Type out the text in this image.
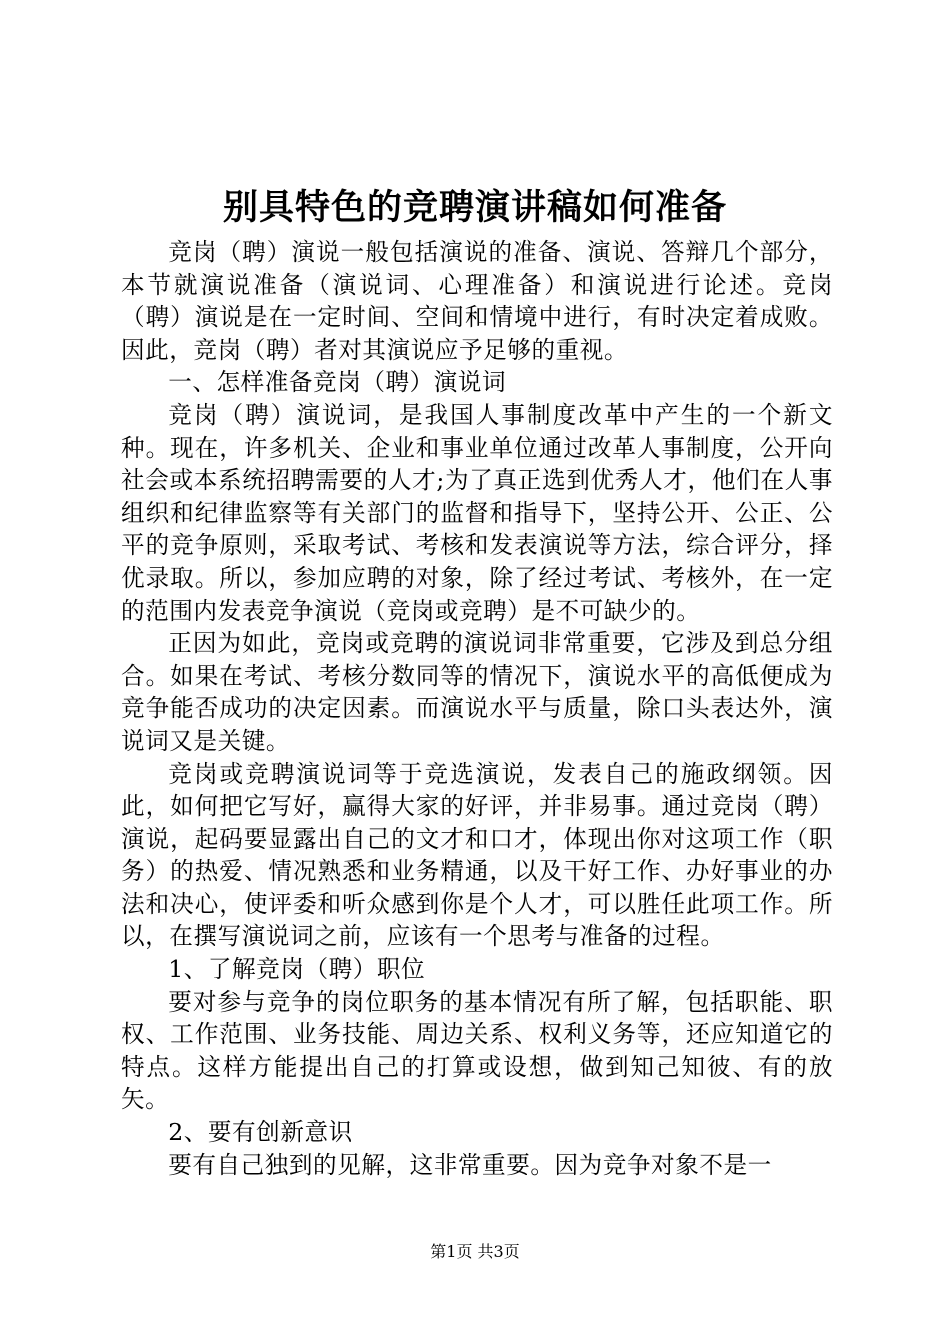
别具特色的竞聘演讲稿如何准备

竞岗（聘）演说一般包括演说的准备、演说、答辩几个部分，本节就演说准备（演说词、心理准备）和演说进行论述。竞岗（聘）演说是在一定时间、空间和情境中进行，有时决定着成败。因此，竞岗（聘）者对其演说应予足够的重视。

一、怎样准备竞岗（聘）演说词

竞岗（聘）演说词，是我国人事制度改革中产生的一个新文种。现在，许多机关、企业和事业单位通过改革人事制度，公开向社会或本系统招聘需要的人才;为了真正选到优秀人才，他们在人事组织和纪律监察等有关部门的监督和指导下，坚持公开、公正、公平的竞争原则，采取考试、考核和发表演说等方法，综合评分，择优录取。所以，参加应聘的对象，除了经过考试、考核外，在一定的范围内发表竞争演说（竞岗或竞聘）是不可缺少的。

正因为如此，竞岗或竞聘的演说词非常重要，它涉及到总分组合。如果在考试、考核分数同等的情况下，演说水平的高低便成为竞争能否成功的决定因素。而演说水平与质量，除口头表达外，演说词又是关键。

竞岗或竞聘演说词等于竞选演说，发表自己的施政纲领。因此，如何把它写好，赢得大家的好评，并非易事。通过竞岗（聘）演说，起码要显露出自己的文才和口才，体现出你对这项工作（职务）的热爱、情况熟悉和业务精通，以及干好工作、办好事业的办法和决心，使评委和听众感到你是个人才，可以胜任此项工作。所以，在撰写演说词之前，应该有一个思考与准备的过程。

1、了解竞岗（聘）职位

要对参与竞争的岗位职务的基本情况有所了解，包括职能、职权、工作范围、业务技能、周边关系、权利义务等，还应知道它的特点。这样方能提出自己的打算或设想，做到知己知彼、有的放矢。

2、要有创新意识

要有自己独到的见解，这非常重要。因为竞争对象不是一

第1页 共3页
